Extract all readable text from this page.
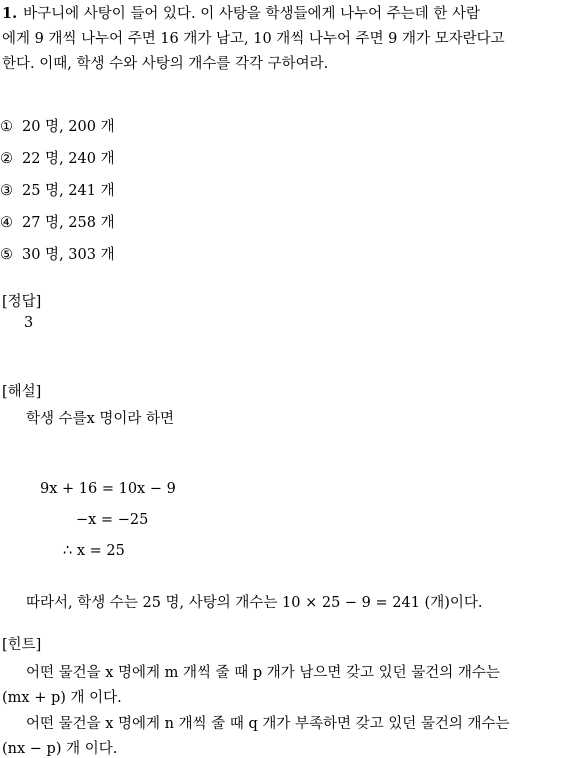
1. 바구니에 사탕이 들어 있다. 이 사탕을 학생들에게 나누어 주는데 한 사람
에게 9 개씩 나누어 주면 16 개가 남고, 10 개씩 나누어 주면 9 개가 모자란다고
한다. 이때, 학생 수와 사탕의 개수를 각각 구하여라.
① 20 명, 200 개
② 22 명, 240 개
③ 25 명, 241 개
④ 27 명, 258 개
⑤ 30 명, 303 개
[정답]
3
[해설]
학생 수를x 명이라 하면
9x + 16 = 10x − 9
−x = −25
∴ x = 25
따라서, 학생 수는 25 명, 사탕의 개수는 10 × 25 − 9 = 241 (개)이다.
[힌트]
어떤 물건을 x 명에게 m 개씩 줄 때 p 개가 남으면 갖고 있던 물건의 개수는
(mx + p) 개 이다.
어떤 물건을 x 명에게 n 개씩 줄 때 q 개가 부족하면 갖고 있던 물건의 개수는
(nx − p) 개 이다.
